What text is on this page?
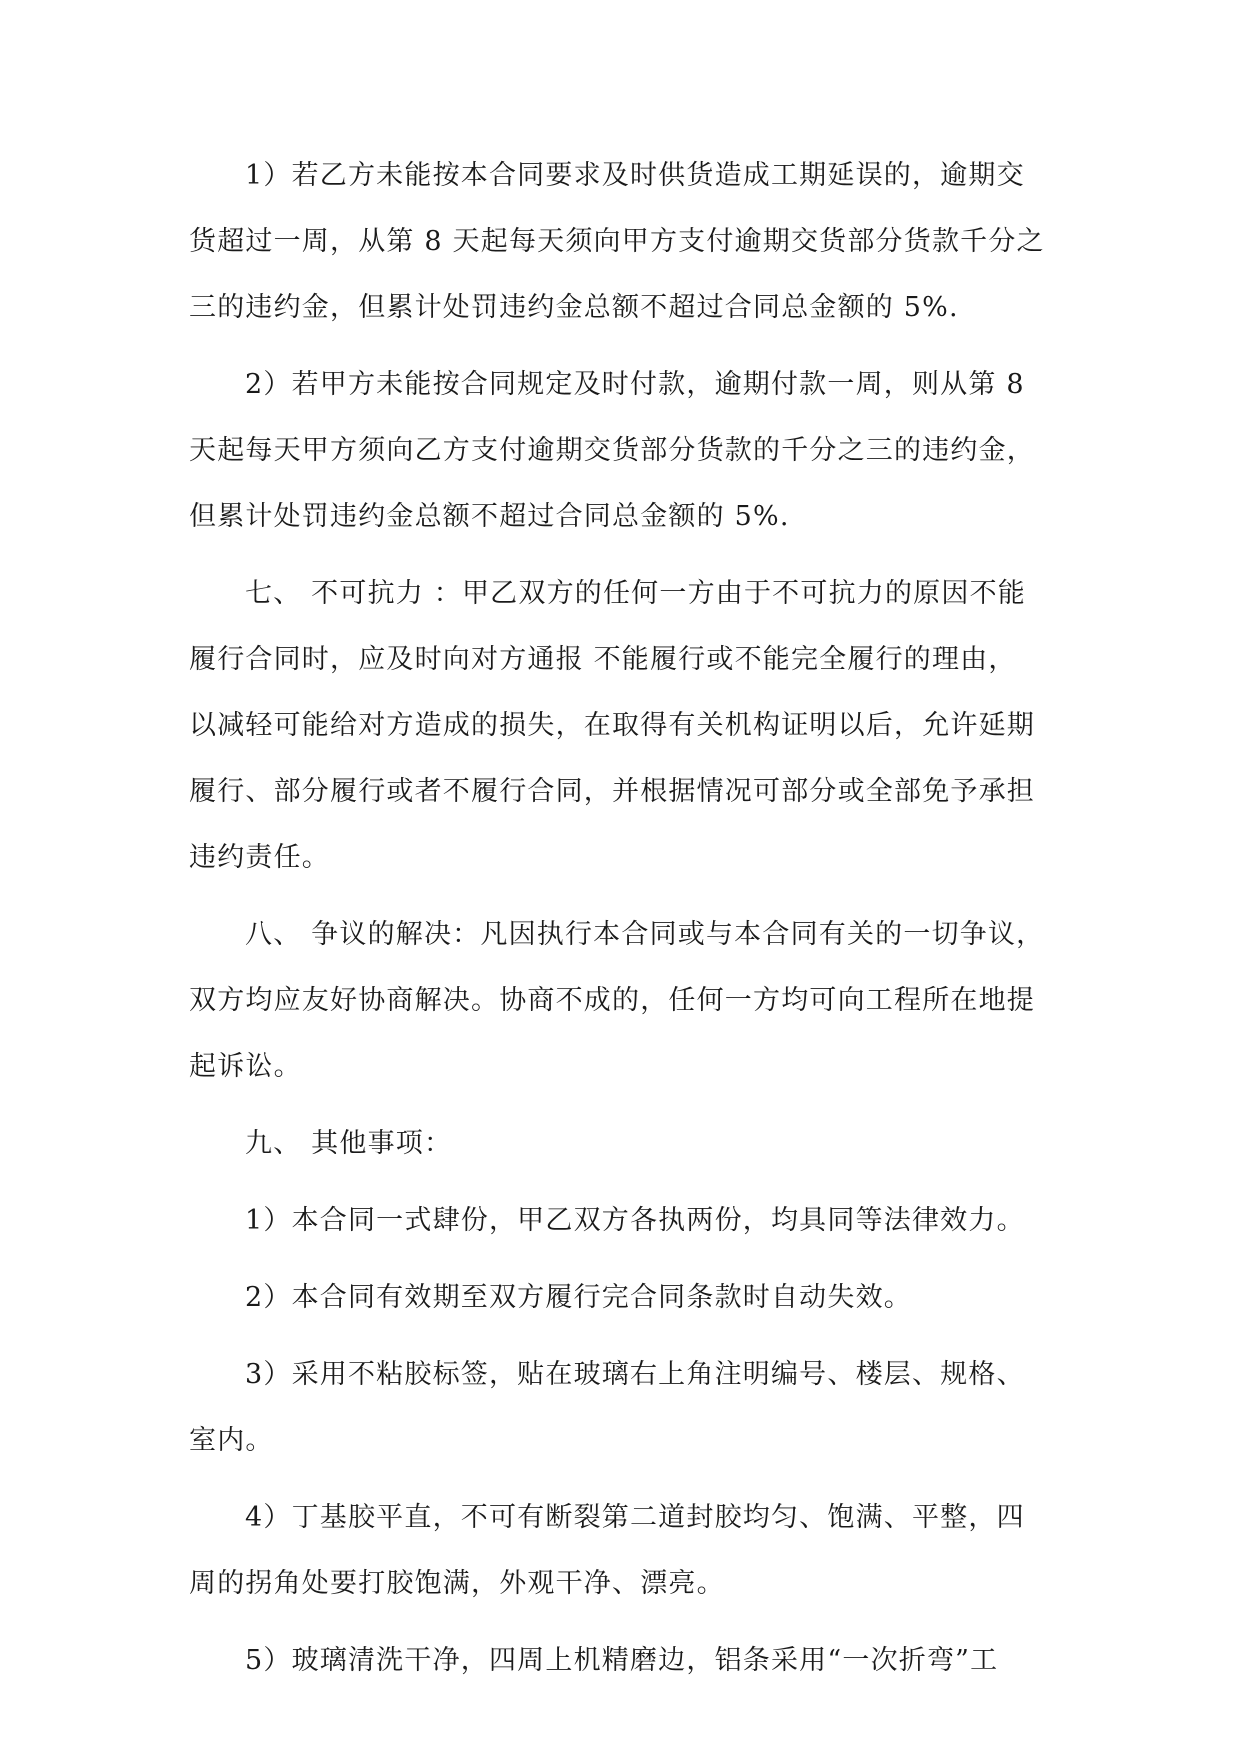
1）若乙方未能按本合同要求及时供货造成工期延误的，逾期交
货超过一周，从第 8 天起每天须向甲方支付逾期交货部分货款千分之
三的违约金，但累计处罚违约金总额不超过合同总金额的 5%.
2）若甲方未能按合同规定及时付款，逾期付款一周，则从第 8
天起每天甲方须向乙方支付逾期交货部分货款的千分之三的违约金，
但累计处罚违约金总额不超过合同总金额的 5%.
七、 不可抗力 ：甲乙双方的任何一方由于不可抗力的原因不能
履行合同时，应及时向对方通报 不能履行或不能完全履行的理由，
以减轻可能给对方造成的损失，在取得有关机构证明以后，允许延期
履行、部分履行或者不履行合同，并根据情况可部分或全部免予承担
违约责任。
八、 争议的解决：凡因执行本合同或与本合同有关的一切争议，
双方均应友好协商解决。协商不成的，任何一方均可向工程所在地提
起诉讼。
九、 其他事项：
1）本合同一式肆份，甲乙双方各执两份，均具同等法律效力。
2）本合同有效期至双方履行完合同条款时自动失效。
3）采用不粘胶标签，贴在玻璃右上角注明编号、楼层、规格、
室内。
4）丁基胶平直，不可有断裂第二道封胶均匀、饱满、平整，四
周的拐角处要打胶饱满，外观干净、漂亮。
5）玻璃清洗干净，四周上机精磨边，铝条采用“一次折弯”工
